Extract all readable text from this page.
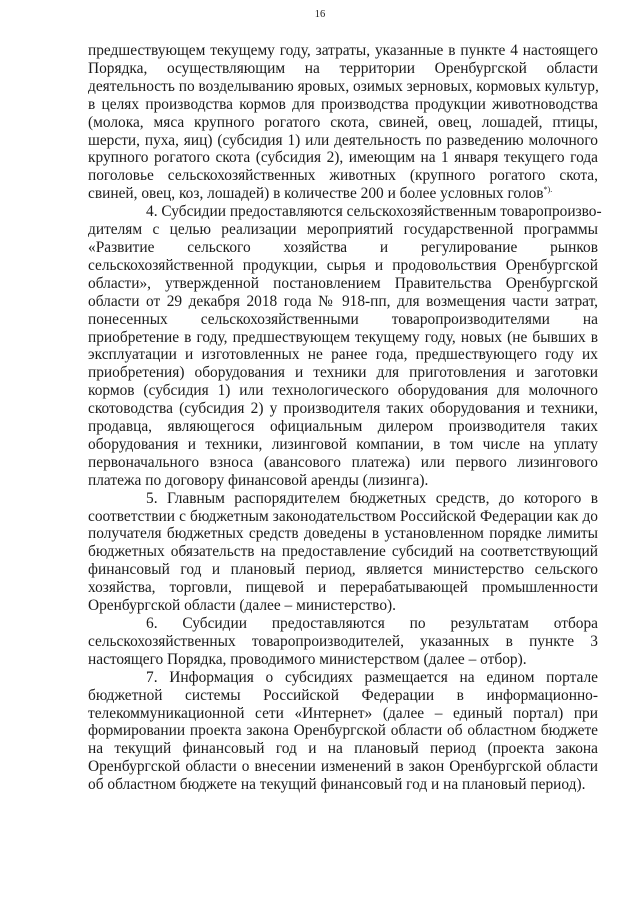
16
предшествующем текущему году, затраты, указанные в пункте 4 настоящего
Порядка, осуществляющим на территории Оренбургской области
деятельность по возделыванию яровых, озимых зерновых, кормовых культур,
в целях производства кормов для производства продукции животноводства
(молока, мяса крупного рогатого скота, свиней, овец, лошадей, птицы,
шерсти, пуха, яиц) (субсидия 1) или деятельность по разведению молочного
крупного рогатого скота (субсидия 2), имеющим на 1 января текущего года
поголовье сельскохозяйственных животных (крупного рогатого скота,
свиней, овец, коз, лошадей) в количестве 200 и более условных голов*).
4. Субсидии предоставляются сельскохозяйственным товаропроизво-
дителям с целью реализации мероприятий государственной программы
«Развитие сельского хозяйства и регулирование рынков
сельскохозяйственной продукции, сырья и продовольствия Оренбургской
области», утвержденной постановлением Правительства Оренбургской
области от 29 декабря 2018 года № 918-пп, для возмещения части затрат,
понесенных сельскохозяйственными товаропроизводителями на
приобретение в году, предшествующем текущему году, новых (не бывших в
эксплуатации и изготовленных не ранее года, предшествующего году их
приобретения) оборудования и техники для приготовления и заготовки
кормов (субсидия 1) или технологического оборудования для молочного
скотоводства (субсидия 2) у производителя таких оборудования и техники,
продавца, являющегося официальным дилером производителя таких
оборудования и техники, лизинговой компании, в том числе на уплату
первоначального взноса (авансового платежа) или первого лизингового
платежа по договору финансовой аренды (лизинга).
5. Главным распорядителем бюджетных средств, до которого в
соответствии с бюджетным законодательством Российской Федерации как до
получателя бюджетных средств доведены в установленном порядке лимиты
бюджетных обязательств на предоставление субсидий на соответствующий
финансовый год и плановый период, является министерство сельского
хозяйства, торговли, пищевой и перерабатывающей промышленности
Оренбургской области (далее – министерство).
6. Субсидии предоставляются по результатам отбора
сельскохозяйственных товаропроизводителей, указанных в пункте 3
настоящего Порядка, проводимого министерством (далее – отбор).
7. Информация о субсидиях размещается на едином портале
бюджетной системы Российской Федерации в информационно-
телекоммуникационной сети «Интернет» (далее – единый портал) при
формировании проекта закона Оренбургской области об областном бюджете
на текущий финансовый год и на плановый период (проекта закона
Оренбургской области о внесении изменений в закон Оренбургской области
об областном бюджете на текущий финансовый год и на плановый период).
